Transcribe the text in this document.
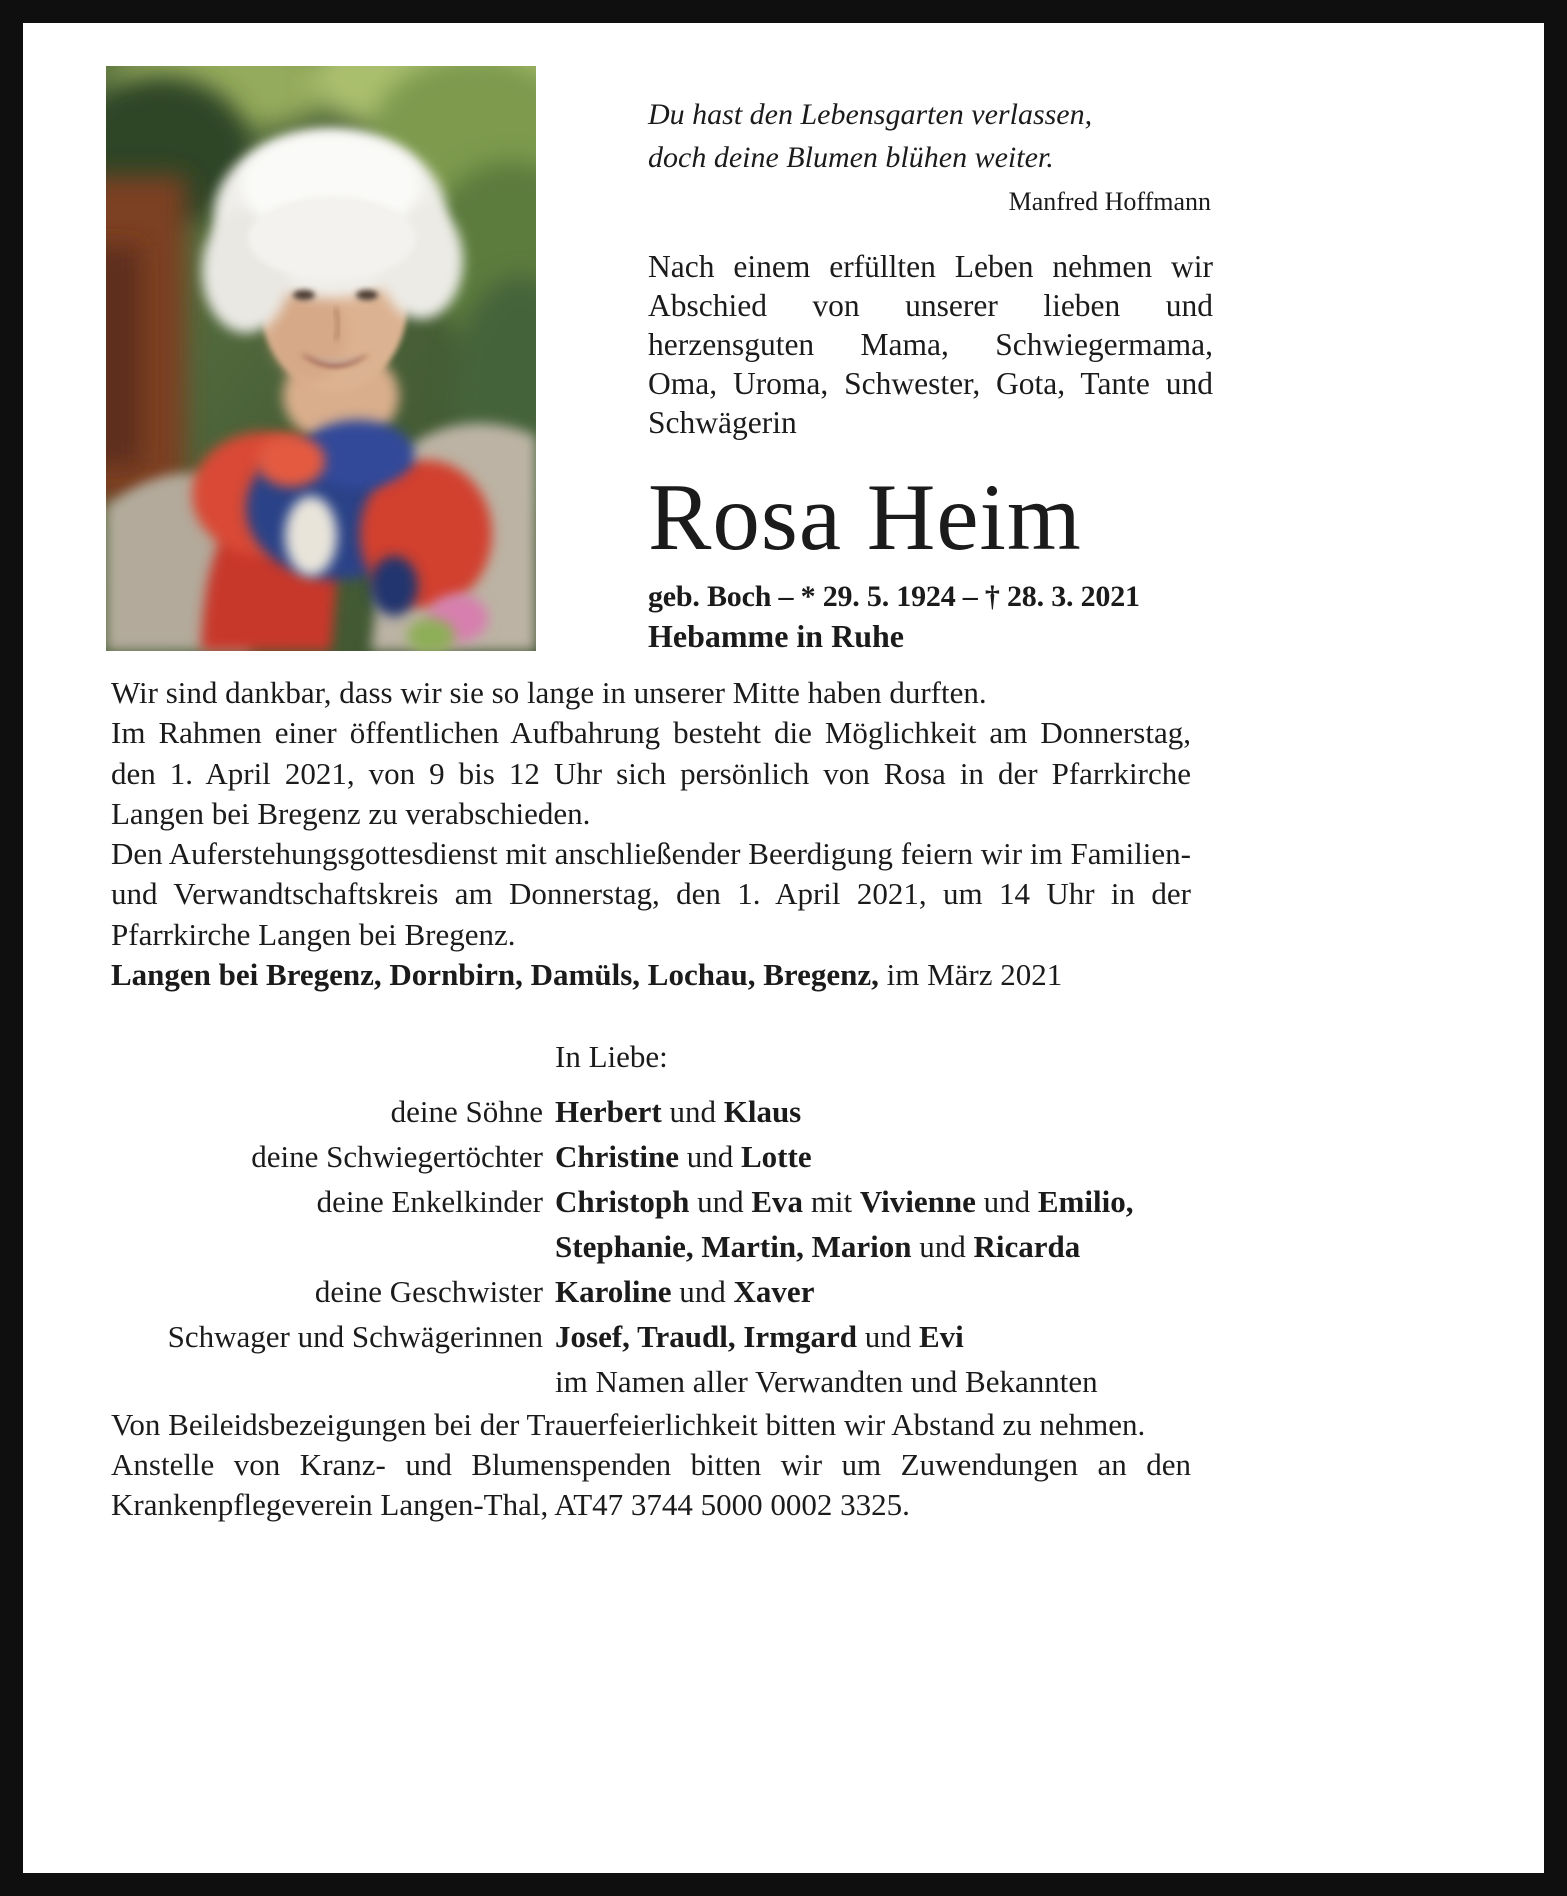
Du hast den Lebensgarten verlassen,
doch deine Blumen blühen weiter.
Manfred Hoffmann
Nach einem erfüllten Leben nehmen wir Abschied von unserer lieben und herzensguten Mama, Schwiegermama, Oma, Uroma, Schwester, Gota, Tante und Schwägerin
Rosa Heim
geb. Boch – * 29. 5. 1924 – † 28. 3. 2021
Hebamme in Ruhe

Wir sind dankbar, dass wir sie so lange in unserer Mitte haben durften.

Im Rahmen einer öffentlichen Aufbahrung besteht die Möglichkeit am Donnerstag, den 1. April 2021, von 9 bis 12 Uhr sich persönlich von Rosa in der Pfarrkirche Langen bei Bregenz zu verabschieden.

Den Auferstehungsgottesdienst mit anschließender Beerdigung feiern wir im Familien- und Verwandtschaftskreis am Donnerstag, den 1. April 2021, um 14 Uhr in der Pfarrkirche Langen bei Bregenz.

Langen bei Bregenz, Dornbirn, Damüls, Lochau, Bregenz, im März 2021

In Liebe:
deine Söhne Herbert und Klaus
deine Schwiegertöchter Christine und Lotte
deine Enkelkinder Christoph und Eva mit Vivienne und Emilio,
Stephanie, Martin, Marion und Ricarda
deine Geschwister Karoline und Xaver
Schwager und Schwägerinnen Josef, Traudl, Irmgard und Evi
im Namen aller Verwandten und Bekannten

Von Beileidsbezeigungen bei der Trauerfeierlichkeit bitten wir Abstand zu nehmen.

Anstelle von Kranz- und Blumenspenden bitten wir um Zuwendungen an den Krankenpflegeverein Langen-Thal, AT47 3744 5000 0002 3325.
